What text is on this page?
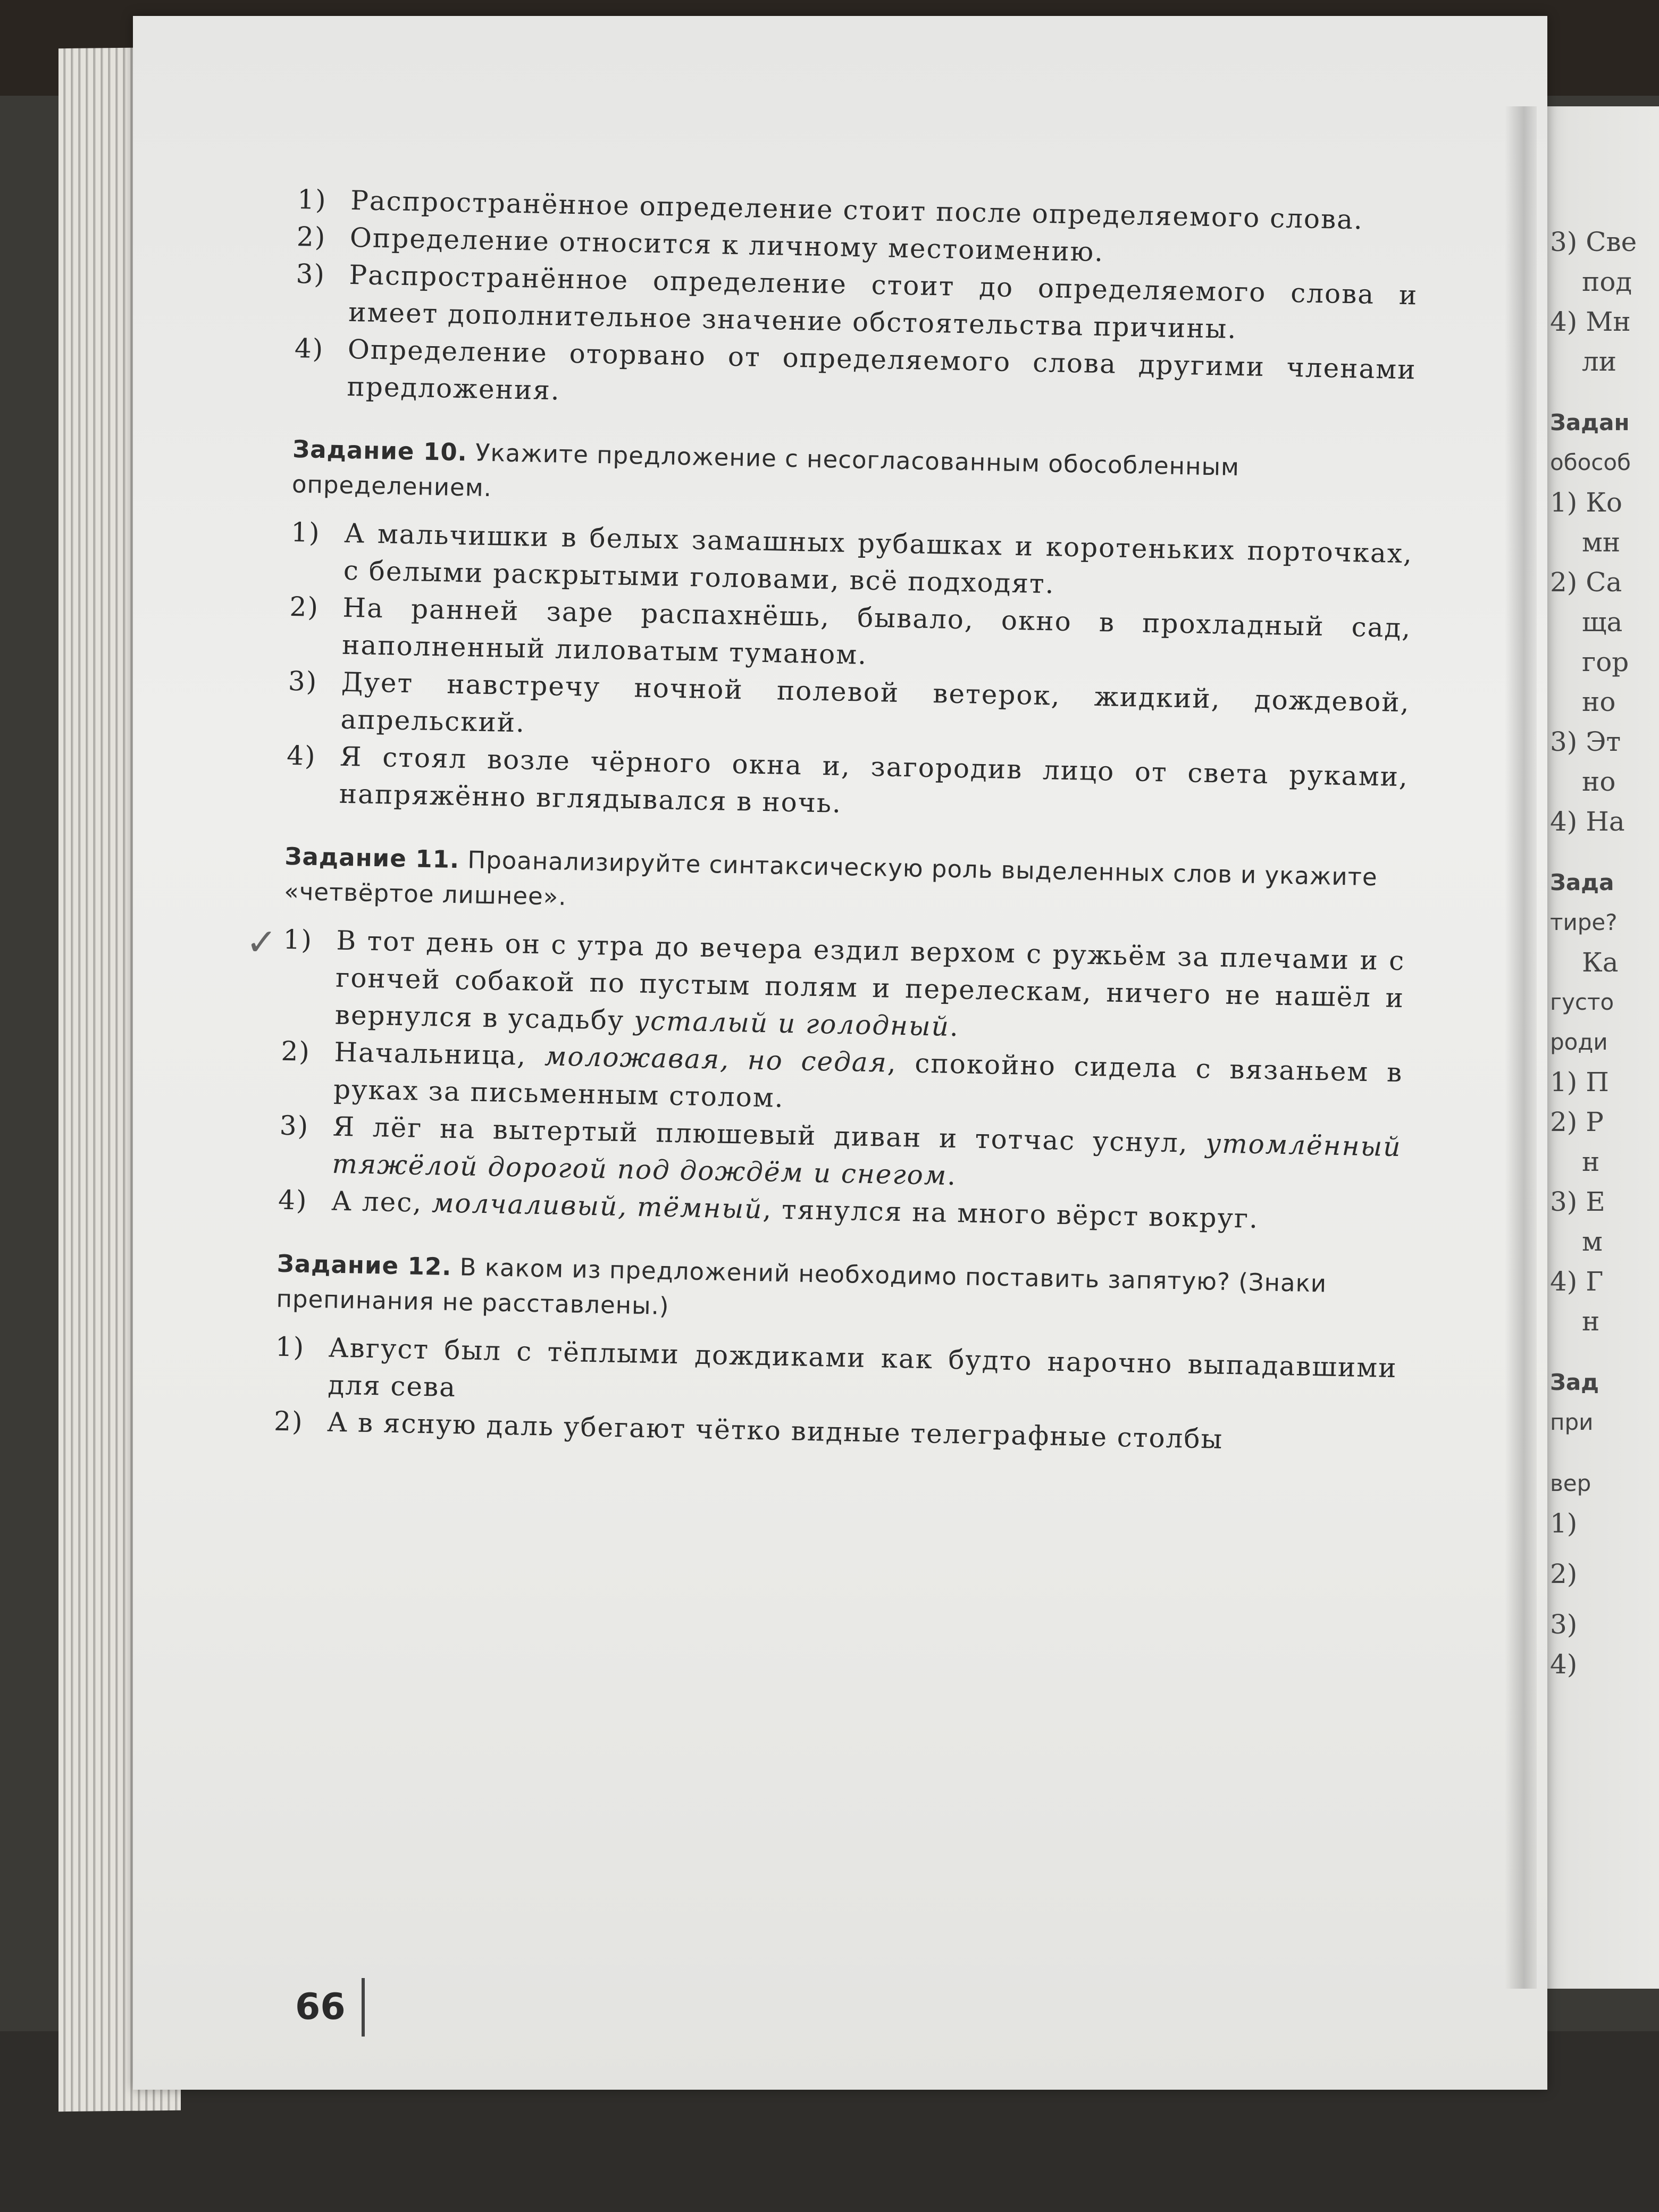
1) Распространённое определение стоит после определяемого слова.
2) Определение относится к личному местоимению.
3) Распространённое определение стоит до определяемого слова и имеет дополнительное значение обстоятельства причины.
4) Определение оторвано от определяемого слова другими членами предложения.
Задание 10. Укажите предложение с несогласованным обособленным определением.
1) А мальчишки в белых замашных рубашках и коротеньких порточках, с белыми раскрытыми головами, всё подходят.
2) На ранней заре распахнёшь, бывало, окно в прохладный сад, наполненный лиловатым туманом.
3) Дует навстречу ночной полевой ветерок, жидкий, дождевой, апрельский.
4) Я стоял возле чёрного окна и, загородив лицо от света руками, напряжённо вглядывался в ночь.
Задание 11. Проанализируйте синтаксическую роль выделенных слов и укажите «четвёртое лишнее».
✓ 1) В тот день он с утра до вечера ездил верхом с ружьём за плечами и с гончей собакой по пустым полям и перелескам, ничего не нашёл и вернулся в усадьбу усталый и голодный.
2) Начальница, моложавая, но седая, спокойно сидела с вязаньем в руках за письменным столом.
3) Я лёг на вытертый плюшевый диван и тотчас уснул, утомлённый тяжёлой дорогой под дождём и снегом.
4) А лес, молчаливый, тёмный, тянулся на много вёрст вокруг.
Задание 12. В каком из предложений необходимо поставить запятую? (Знаки препинания не расставлены.)
1) Август был с тёплыми дождиками как будто нарочно выпадавшими для сева
2) А в ясную даль убегают чётко видные телеграфные столбы
66
3) Све
под
4) Мн
ли
Задан
обособ
1) Ко
мн
2) Са
ща
гор
но
3) Эт
но
4) На
Зада
тире?
Ка
густо
роди
1) П
2) Р
н
3) Е
м
4) Г
н
Зад
при
вер
1)
2)
3)
4)
